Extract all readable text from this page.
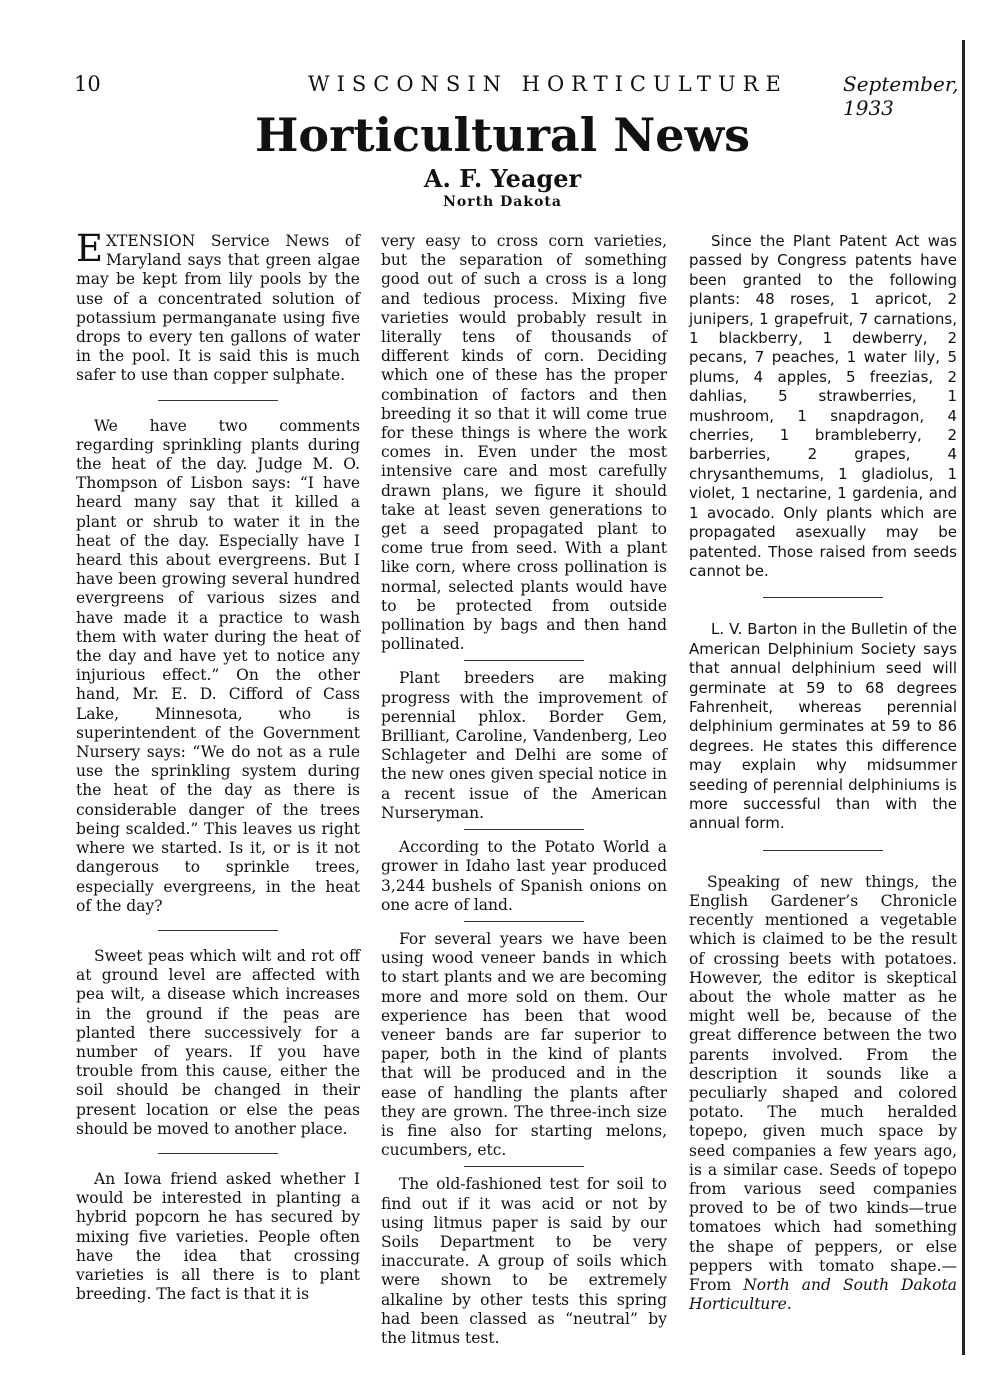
10	WISCONSIN HORTICULTURE	September, 1933
Horticultural News
A. F. Yeager
North Dakota

EXTENSION Service News of Maryland says that green algae may be kept from lily pools by the use of a concentrated solution of potassium permanganate using five drops to every ten gallons of water in the pool. It is said this is much safer to use than copper sulphate.

We have two comments regarding sprinkling plants during the heat of the day. Judge M. O. Thompson of Lisbon says: “I have heard many say that it killed a plant or shrub to water it in the heat of the day. Especially have I heard this about evergreens. But I have been growing several hundred evergreens of various sizes and have made it a practice to wash them with water during the heat of the day and have yet to notice any injurious effect.” On the other hand, Mr. E. D. Cifford of Cass Lake, Minnesota, who is superintendent of the Government Nursery says: “We do not as a rule use the sprinkling system during the heat of the day as there is considerable danger of the trees being scalded.” This leaves us right where we started. Is it, or is it not dangerous to sprinkle trees, especially evergreens, in the heat of the day?

Sweet peas which wilt and rot off at ground level are affected with pea wilt, a disease which increases in the ground if the peas are planted there successively for a number of years. If you have trouble from this cause, either the soil should be changed in their present location or else the peas should be moved to another place.

An Iowa friend asked whether I would be interested in planting a hybrid popcorn he has secured by mixing five varieties. People often have the idea that crossing varieties is all there is to plant breeding. The fact is that it is

very easy to cross corn varieties, but the separation of something good out of such a cross is a long and tedious process. Mixing five varieties would probably result in literally tens of thousands of different kinds of corn. Deciding which one of these has the proper combination of factors and then breeding it so that it will come true for these things is where the work comes in. Even under the most intensive care and most carefully drawn plans, we figure it should take at least seven generations to get a seed propagated plant to come true from seed. With a plant like corn, where cross pollination is normal, selected plants would have to be protected from outside pollination by bags and then hand pollinated.

Plant breeders are making progress with the improvement of perennial phlox. Border Gem, Brilliant, Caroline, Vandenberg, Leo Schlageter and Delhi are some of the new ones given special notice in a recent issue of the American Nurseryman.

According to the Potato World a grower in Idaho last year produced 3,244 bushels of Spanish onions on one acre of land.

For several years we have been using wood veneer bands in which to start plants and we are becoming more and more sold on them. Our experience has been that wood veneer bands are far superior to paper, both in the kind of plants that will be produced and in the ease of handling the plants after they are grown. The three-inch size is fine also for starting melons, cucumbers, etc.

The old-fashioned test for soil to find out if it was acid or not by using litmus paper is said by our Soils Department to be very inaccurate. A group of soils which were shown to be extremely alkaline by other tests this spring had been classed as “neutral” by the litmus test.

Since the Plant Patent Act was passed by Congress patents have been granted to the following plants: 48 roses, 1 apricot, 2 junipers, 1 grapefruit, 7 carnations, 1 blackberry, 1 dewberry, 2 pecans, 7 peaches, 1 water lily, 5 plums, 4 apples, 5 freezias, 2 dahlias, 5 strawberries, 1 mushroom, 1 snapdragon, 4 cherries, 1 brambleberry, 2 barberries, 2 grapes, 4 chrysanthemums, 1 gladiolus, 1 violet, 1 nectarine, 1 gardenia, and 1 avocado. Only plants which are propagated asexually may be patented. Those raised from seeds cannot be.

L. V. Barton in the Bulletin of the American Delphinium Society says that annual delphinium seed will germinate at 59 to 68 degrees Fahrenheit, whereas perennial delphinium germinates at 59 to 86 degrees. He states this difference may explain why midsummer seeding of perennial delphiniums is more successful than with the annual form.

Speaking of new things, the English Gardener’s Chronicle recently mentioned a vegetable which is claimed to be the result of crossing beets with potatoes. However, the editor is skeptical about the whole matter as he might well be, because of the great difference between the two parents involved. From the description it sounds like a peculiarly shaped and colored potato. The much heralded topepo, given much space by seed companies a few years ago, is a similar case. Seeds of topepo from various seed companies proved to be of two kinds—true tomatoes which had something the shape of peppers, or else peppers with tomato shape.—From North and South Dakota Horticulture.
